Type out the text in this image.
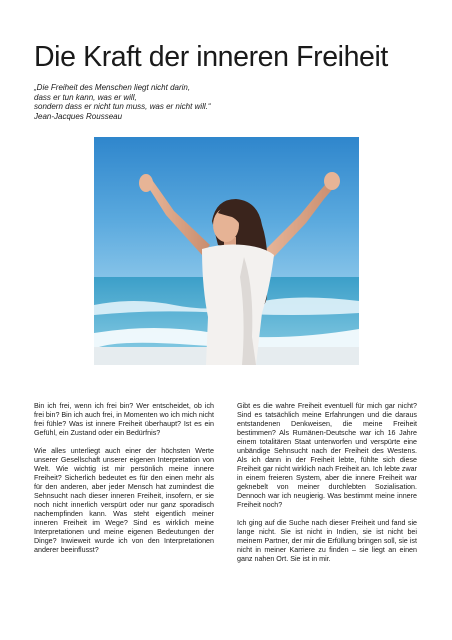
Die Kraft der inneren Freiheit
„Die Freiheit des Menschen liegt nicht darin,
dass er tun kann, was er will,
sondern dass er nicht tun muss, was er nicht will.“
Jean-Jacques Rousseau

Bin ich frei, wenn ich frei bin? Wer entscheidet, ob ich frei bin? Bin ich auch frei, in Momenten wo ich mich nicht frei fühle? Was ist innere Freiheit überhaupt? Ist es ein Gefühl, ein Zustand oder ein Bedürfnis?

Wie alles unterliegt auch einer der höchsten Werte unserer Gesellschaft unserer eigenen Interpretation von Welt. Wie wichtig ist mir persönlich meine innere Freiheit? Sicherlich bedeutet es für den einen mehr als für den anderen, aber jeder Mensch hat zumindest die Sehnsucht nach dieser inneren Freiheit, insofern, er sie noch nicht innerlich verspürt oder nur ganz sporadisch nachempfinden kann. Was steht eigentlich meiner inneren Freiheit im Wege? Sind es wirklich meine Interpretationen und meine eigenen Bedeutungen der Dinge? Inwieweit wurde ich von den Interpretationen anderer beeinflusst?

Gibt es die wahre Freiheit eventuell für mich gar nicht? Sind es tatsächlich meine Erfahrungen und die daraus entstandenen Denkweisen, die meine Freiheit bestimmen? Als Rumänen-Deutsche war ich 16 Jahre einem totalitären Staat unterworfen und verspürte eine unbändige Sehnsucht nach der Freiheit des Westens. Als ich dann in der Freiheit lebte, fühlte sich diese Freiheit gar nicht wirklich nach Freiheit an. Ich lebte zwar in einem freieren System, aber die innere Freiheit war geknebelt von meiner durchlebten Sozialisation. Dennoch war ich neugierig. Was bestimmt meine innere Freiheit noch?

Ich ging auf die Suche nach dieser Freiheit und fand sie lange nicht. Sie ist nicht in Indien, sie ist nicht bei meinem Partner, der mir die Erfüllung bringen soll, sie ist nicht in meiner Karriere zu finden – sie liegt an einen ganz nahen Ort. Sie ist in mir.
